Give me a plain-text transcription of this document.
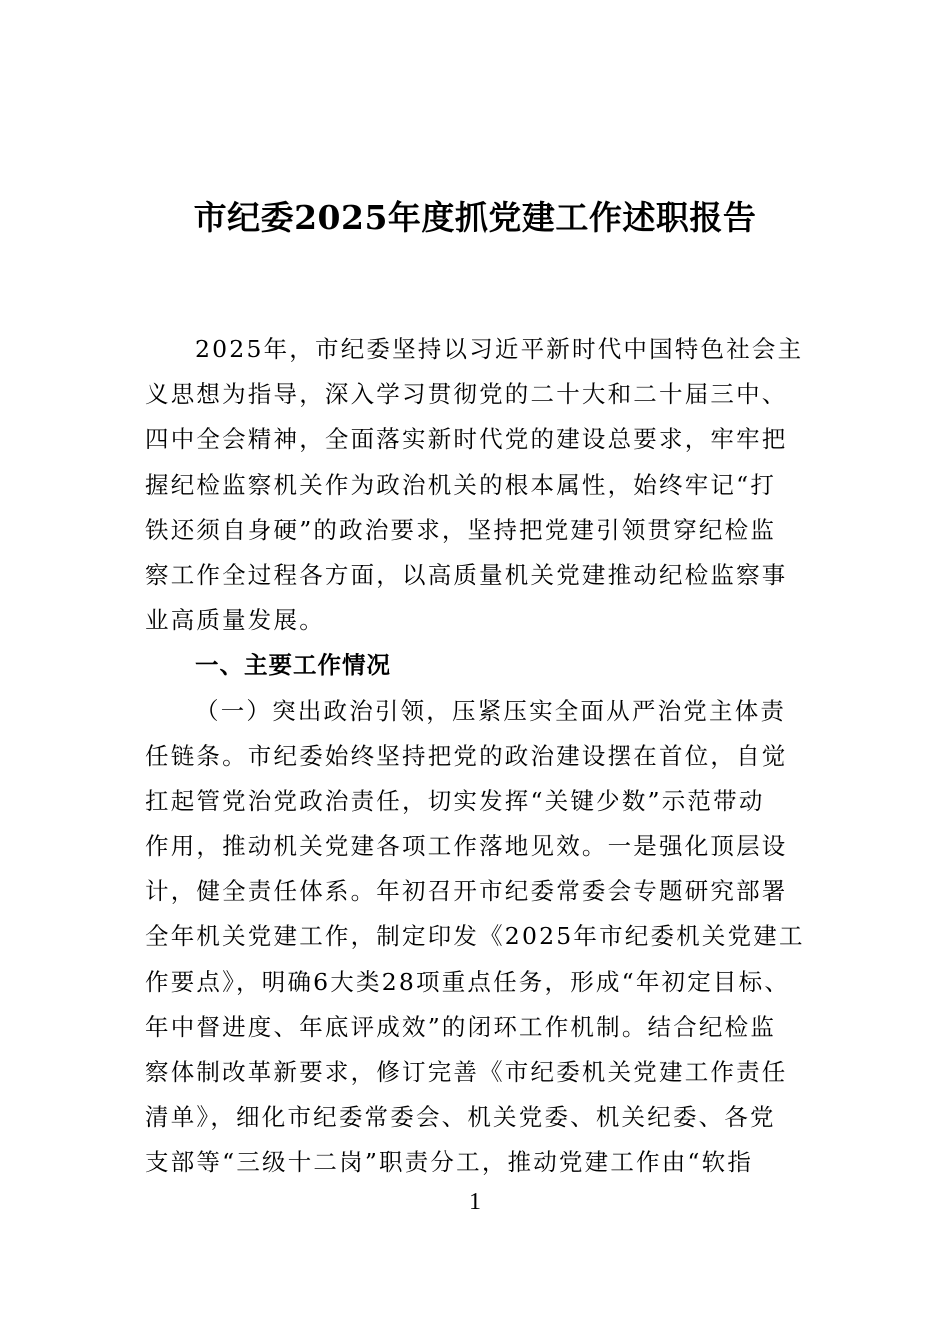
市纪委2025年度抓党建工作述职报告
2025年，市纪委坚持以习近平新时代中国特色社会主
义思想为指导，深入学习贯彻党的二十大和二十届三中、
四中全会精神，全面落实新时代党的建设总要求，牢牢把
握纪检监察机关作为政治机关的根本属性，始终牢记“打
铁还须自身硬”的政治要求，坚持把党建引领贯穿纪检监
察工作全过程各方面，以高质量机关党建推动纪检监察事
业高质量发展。
一、主要工作情况
（一）突出政治引领，压紧压实全面从严治党主体责
任链条。市纪委始终坚持把党的政治建设摆在首位，自觉
扛起管党治党政治责任，切实发挥“关键少数”示范带动
作用，推动机关党建各项工作落地见效。一是强化顶层设
计，健全责任体系。年初召开市纪委常委会专题研究部署
全年机关党建工作，制定印发《2025年市纪委机关党建工
作要点》，明确6大类28项重点任务，形成“年初定目标、
年中督进度、年底评成效”的闭环工作机制。结合纪检监
察体制改革新要求，修订完善《市纪委机关党建工作责任
清单》，细化市纪委常委会、机关党委、机关纪委、各党
支部等“三级十二岗”职责分工，推动党建工作由“软指
1
